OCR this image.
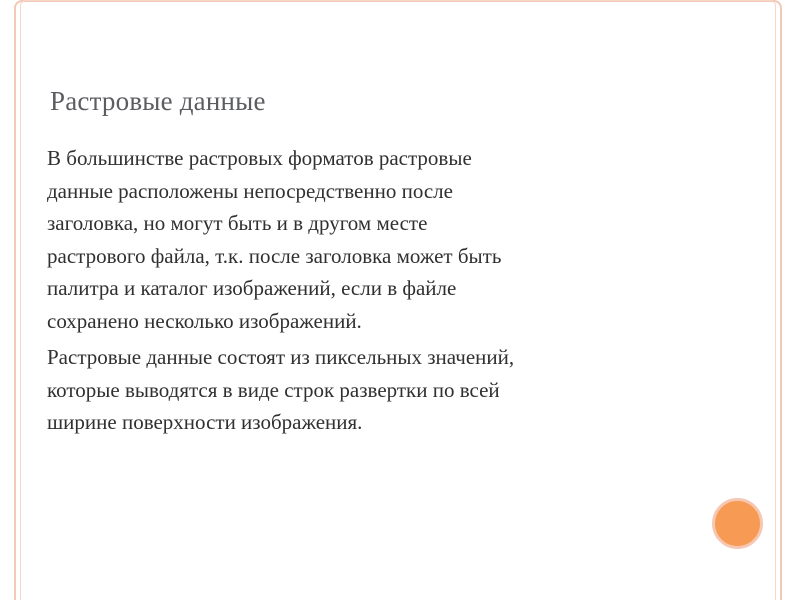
Растровые данные
В большинстве растровых форматов растровые
данные расположены непосредственно после
заголовка, но могут быть и в другом месте
растрового файла, т.к. после заголовка может быть
палитра и каталог изображений, если в файле
сохранено несколько изображений.
Растровые данные состоят из пиксельных значений,
которые выводятся в виде строк развертки по всей
ширине поверхности изображения.
